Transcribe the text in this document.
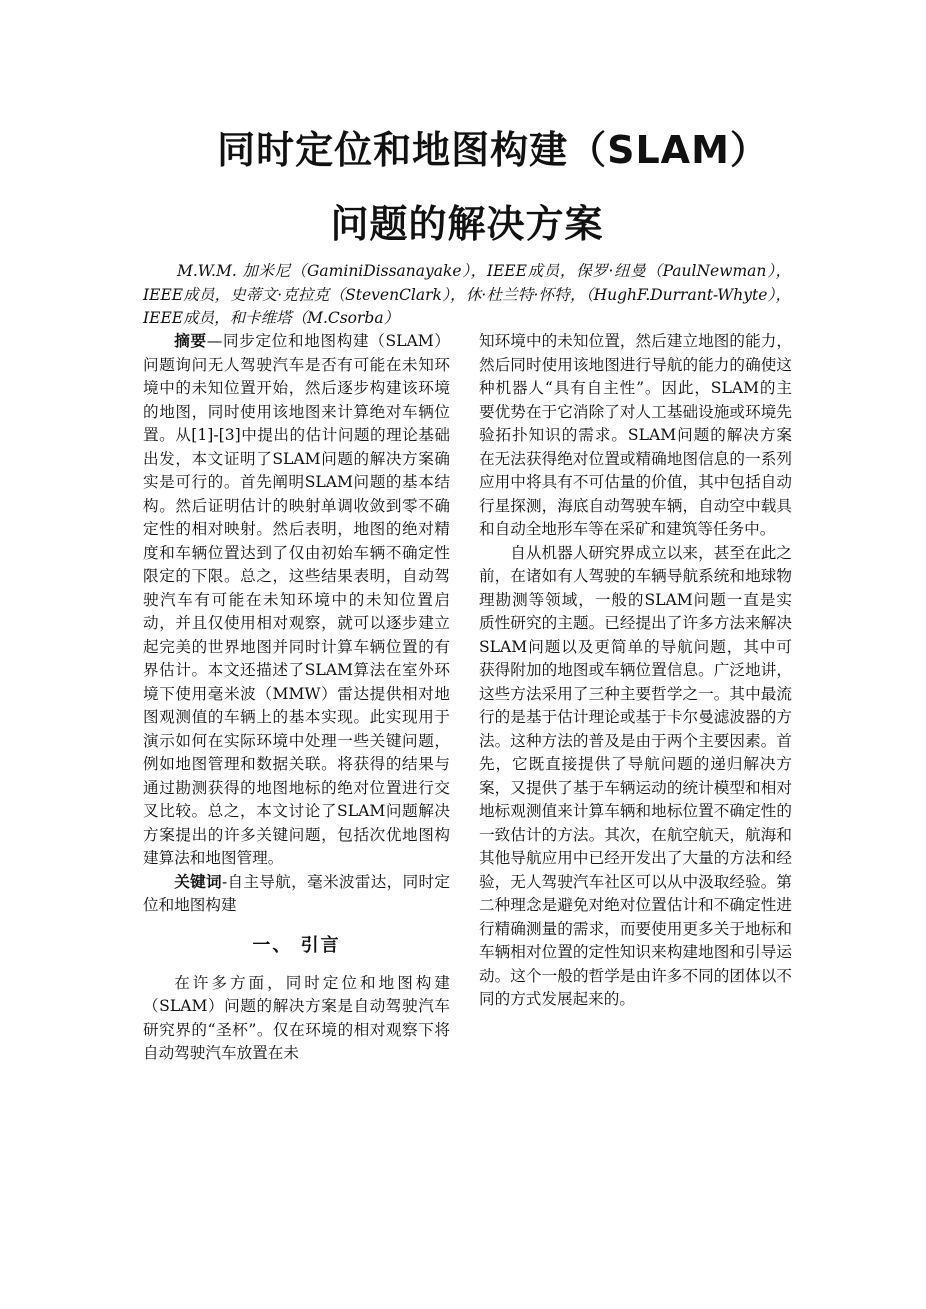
同时定位和地图构建（SLAM）
问题的解决方案

M.W.M. 加米尼（GaminiDissanayake），IEEE成员，保罗·纽曼（PaulNewman），IEEE成员，史蒂文·克拉克（StevenClark），休·杜兰特·怀特，（HughF.Durrant-Whyte），IEEE成员，和卡维塔（M.Csorba）

摘要—同步定位和地图构建（SLAM）问题询问无人驾驶汽车是否有可能在未知环境中的未知位置开始，然后逐步构建该环境的地图，同时使用该地图来计算绝对车辆位置。从[1]-[3]中提出的估计问题的理论基础出发，本文证明了SLAM问题的解决方案确实是可行的。首先阐明SLAM问题的基本结构。然后证明估计的映射单调收敛到零不确定性的相对映射。然后表明，地图的绝对精度和车辆位置达到了仅由初始车辆不确定性限定的下限。总之，这些结果表明，自动驾驶汽车有可能在未知环境中的未知位置启动，并且仅使用相对观察，就可以逐步建立起完美的世界地图并同时计算车辆位置的有界估计。本文还描述了SLAM算法在室外环境下使用毫米波（MMW）雷达提供相对地图观测值的车辆上的基本实现。此实现用于演示如何在实际环境中处理一些关键问题，例如地图管理和数据关联。将获得的结果与通过勘测获得的地图地标的绝对位置进行交叉比较。总之，本文讨论了SLAM问题解决方案提出的许多关键问题，包括次优地图构建算法和地图管理。

关键词-自主导航，毫米波雷达，同时定位和地图构建

一、 引言

在许多方面，同时定位和地图构建（SLAM）问题的解决方案是自动驾驶汽车研究界的“圣杯”。仅在环境的相对观察下将自动驾驶汽车放置在未

知环境中的未知位置，然后建立地图的能力，然后同时使用该地图进行导航的能力的确使这种机器人“具有自主性”。因此，SLAM的主要优势在于它消除了对人工基础设施或环境先验拓扑知识的需求。SLAM问题的解决方案在无法获得绝对位置或精确地图信息的一系列应用中将具有不可估量的价值，其中包括自动行星探测，海底自动驾驶车辆，自动空中载具和自动全地形车等在采矿和建筑等任务中。

自从机器人研究界成立以来，甚至在此之前，在诸如有人驾驶的车辆导航系统和地球物理勘测等领域，一般的SLAM问题一直是实质性研究的主题。已经提出了许多方法来解决SLAM问题以及更简单的导航问题，其中可获得附加的地图或车辆位置信息。广泛地讲，这些方法采用了三种主要哲学之一。其中最流行的是基于估计理论或基于卡尔曼滤波器的方法。这种方法的普及是由于两个主要因素。首先，它既直接提供了导航问题的递归解决方案，又提供了基于车辆运动的统计模型和相对地标观测值来计算车辆和地标位置不确定性的一致估计的方法。其次，在航空航天，航海和其他导航应用中已经开发出了大量的方法和经验，无人驾驶汽车社区可以从中汲取经验。第二种理念是避免对绝对位置估计和不确定性进行精确测量的需求，而要使用更多关于地标和车辆相对位置的定性知识来构建地图和引导运动。这个一般的哲学是由许多不同的团体以不同的方式发展起来的。
